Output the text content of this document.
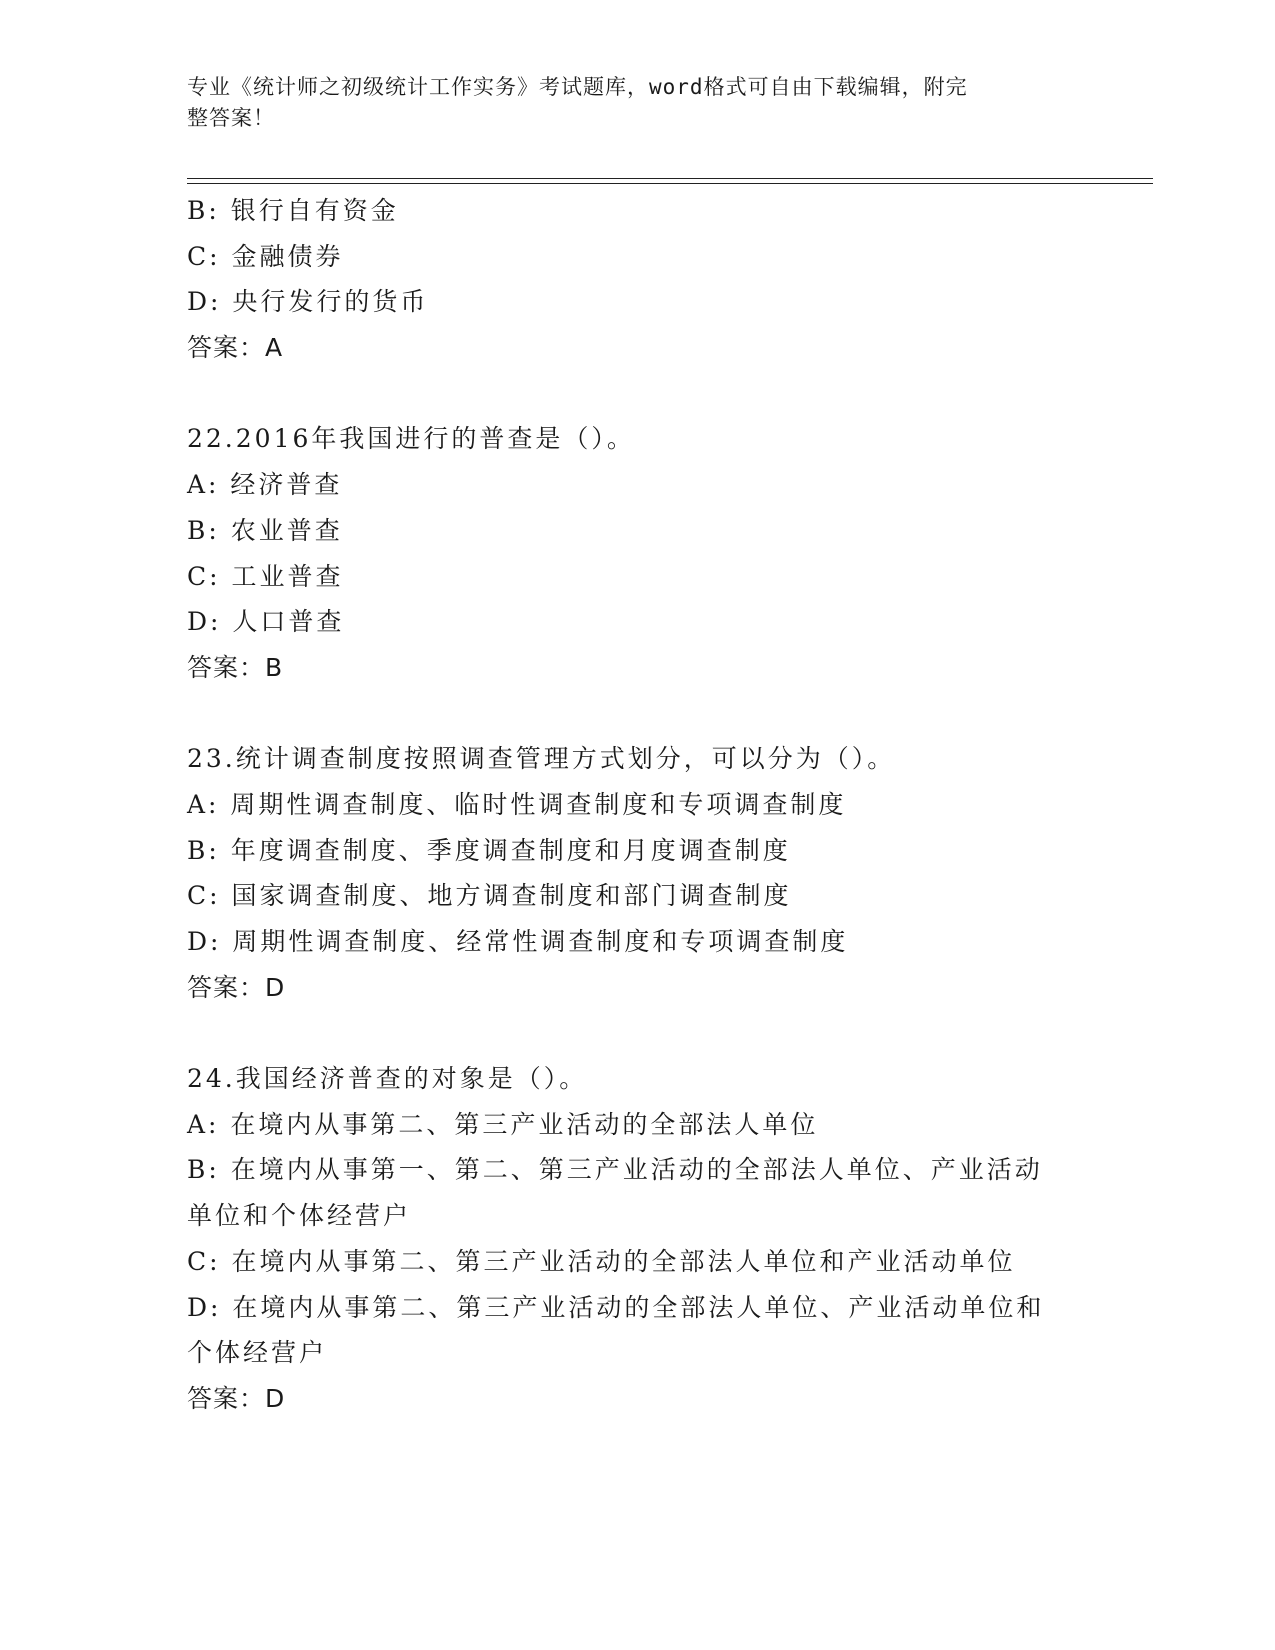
专业《统计师之初级统计工作实务》考试题库，word格式可自由下载编辑，附完
整答案！
B: 银行自有资金
C: 金融债券
D: 央行发行的货币
答案：A
22.2016年我国进行的普查是（）。
A: 经济普查
B: 农业普查
C: 工业普查
D: 人口普查
答案：B
23.统计调查制度按照调查管理方式划分，可以分为（）。
A: 周期性调查制度、临时性调查制度和专项调查制度
B: 年度调查制度、季度调查制度和月度调查制度
C: 国家调查制度、地方调查制度和部门调查制度
D: 周期性调查制度、经常性调查制度和专项调查制度
答案：D
24.我国经济普查的对象是（）。
A: 在境内从事第二、第三产业活动的全部法人单位
B: 在境内从事第一、第二、第三产业活动的全部法人单位、产业活动
单位和个体经营户
C: 在境内从事第二、第三产业活动的全部法人单位和产业活动单位
D: 在境内从事第二、第三产业活动的全部法人单位、产业活动单位和
个体经营户
答案：D
